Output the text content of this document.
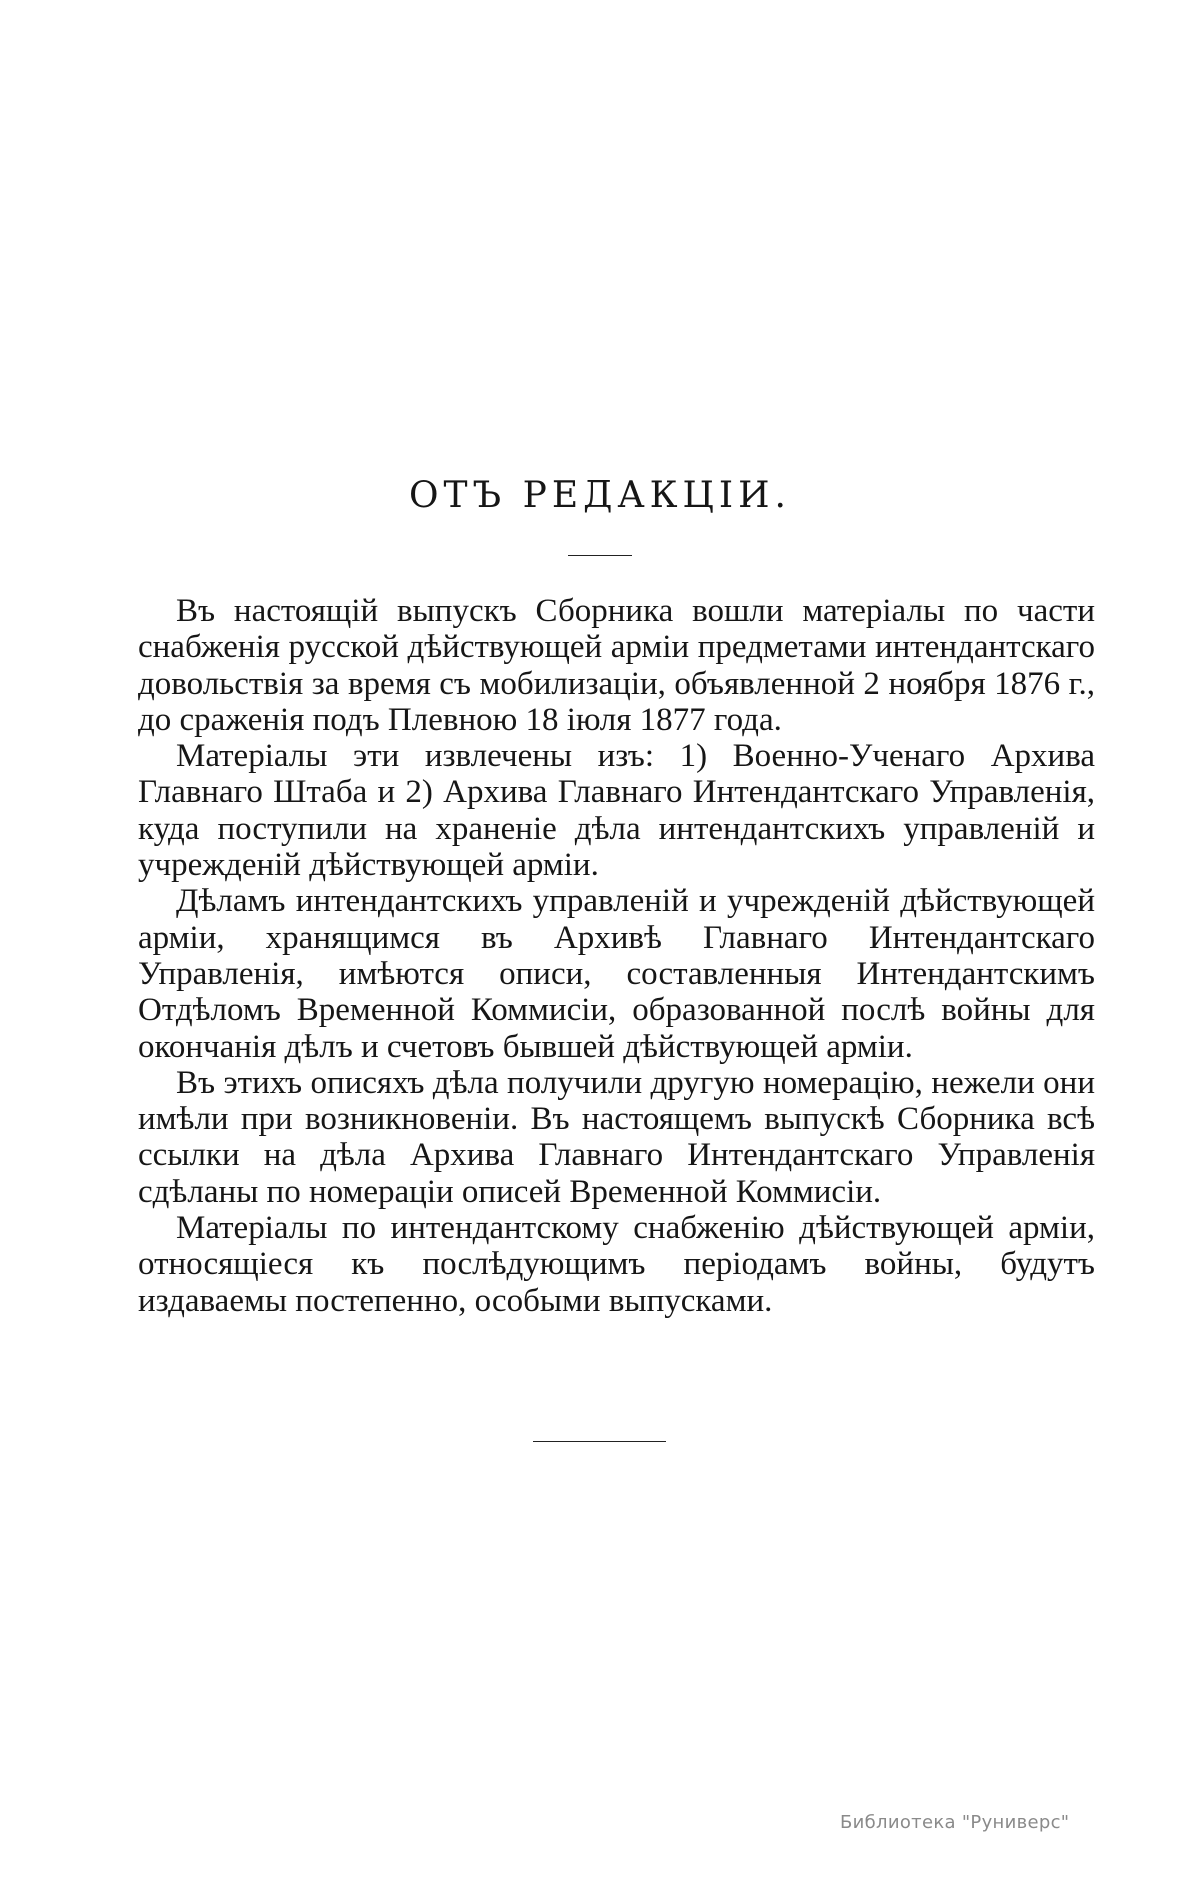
ОТЪ РЕДАКЦІИ.

Въ настоящій выпускъ Сборника вошли матеріалы по части снабженія русской дѣйствующей арміи предметами интендантскаго довольствія за время съ мобилизаціи, объявленной 2 ноября 1876 г., до сраженія подъ Плевною 18 іюля 1877 года.

Матеріалы эти извлечены изъ: 1) Военно-Ученаго Архива Главнаго Штаба и 2) Архива Главнаго Интендантскаго Управленія, куда поступили на храненіе дѣла интендантскихъ управленій и учрежденій дѣйствующей арміи.

Дѣламъ интендантскихъ управленій и учрежденій дѣйствующей арміи, хранящимся въ Архивѣ Главнаго Интендантскаго Управленія, имѣются описи, составленныя Интендантскимъ Отдѣломъ Временной Коммисіи, образованной послѣ войны для окончанія дѣлъ и счетовъ бывшей дѣйствующей арміи.

Въ этихъ описяхъ дѣла получили другую номерацію, нежели они имѣли при возникновеніи. Въ настоящемъ выпускѣ Сборника всѣ ссылки на дѣла Архива Главнаго Интендантскаго Управленія сдѣланы по номераціи описей Временной Коммисіи.

Матеріалы по интендантскому снабженію дѣйствующей арміи, относящіеся къ послѣдующимъ періодамъ войны, будутъ издаваемы постепенно, особыми выпусками.

Библиотека "Руниверс"
